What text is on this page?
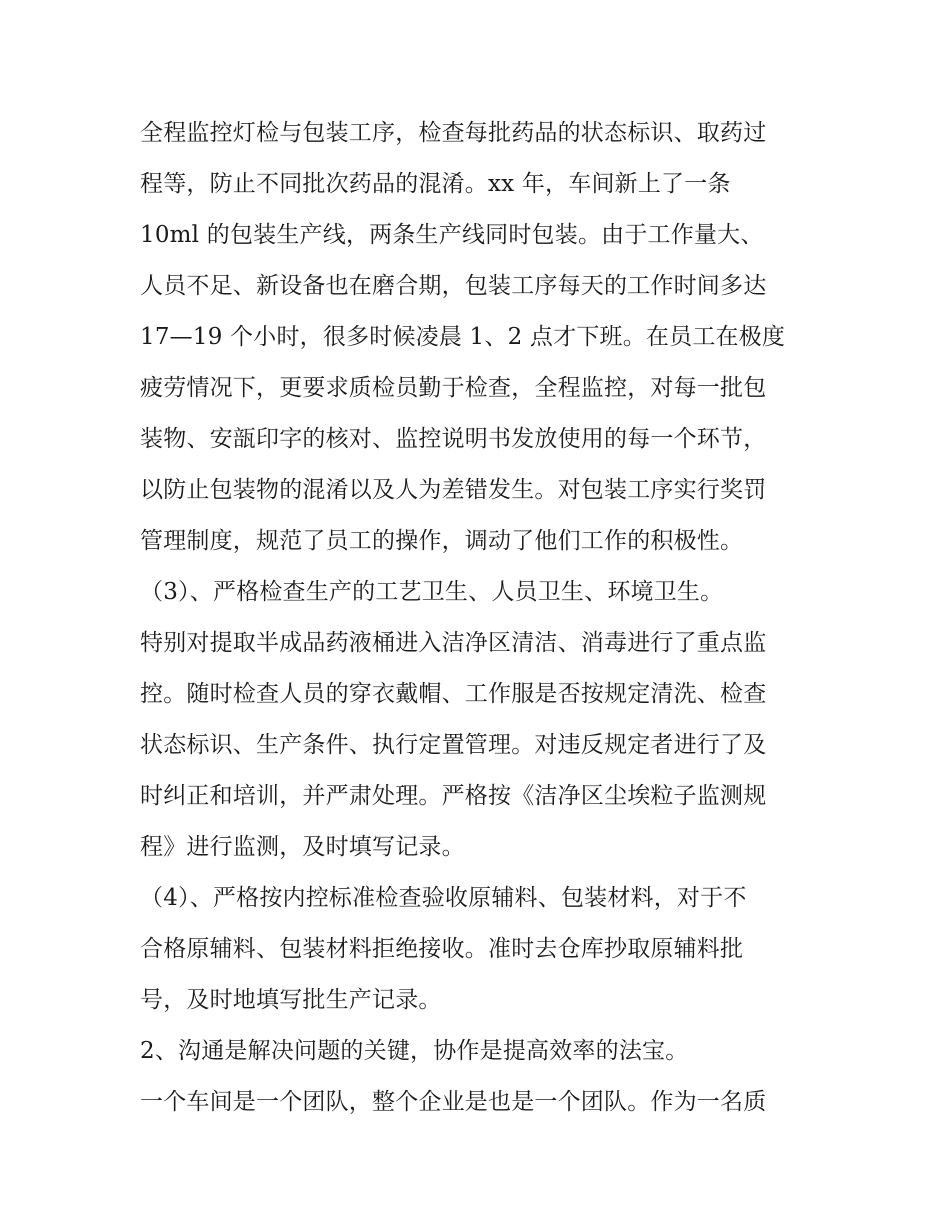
全程监控灯检与包装工序，检查每批药品的状态标识、取药过
程等，防止不同批次药品的混淆。xx 年，车间新上了一条
10ml 的包装生产线，两条生产线同时包装。由于工作量大、
人员不足、新设备也在磨合期，包装工序每天的工作时间多达
17—19 个小时，很多时候凌晨 1、2 点才下班。在员工在极度
疲劳情况下，更要求质检员勤于检查，全程监控，对每一批包
装物、安瓿印字的核对、监控说明书发放使用的每一个环节，
以防止包装物的混淆以及人为差错发生。对包装工序实行奖罚
管理制度，规范了员工的操作，调动了他们工作的积极性。
（3）、严格检查生产的工艺卫生、人员卫生、环境卫生。
特别对提取半成品药液桶进入洁净区清洁、消毒进行了重点监
控。随时检查人员的穿衣戴帽、工作服是否按规定清洗、检查
状态标识、生产条件、执行定置管理。对违反规定者进行了及
时纠正和培训，并严肃处理。严格按《洁净区尘埃粒子监测规
程》进行监测，及时填写记录。
（4）、严格按内控标准检查验收原辅料、包装材料，对于不
合格原辅料、包装材料拒绝接收。准时去仓库抄取原辅料批
号，及时地填写批生产记录。
2、沟通是解决问题的关键，协作是提高效率的法宝。
一个车间是一个团队，整个企业是也是一个团队。作为一名质
